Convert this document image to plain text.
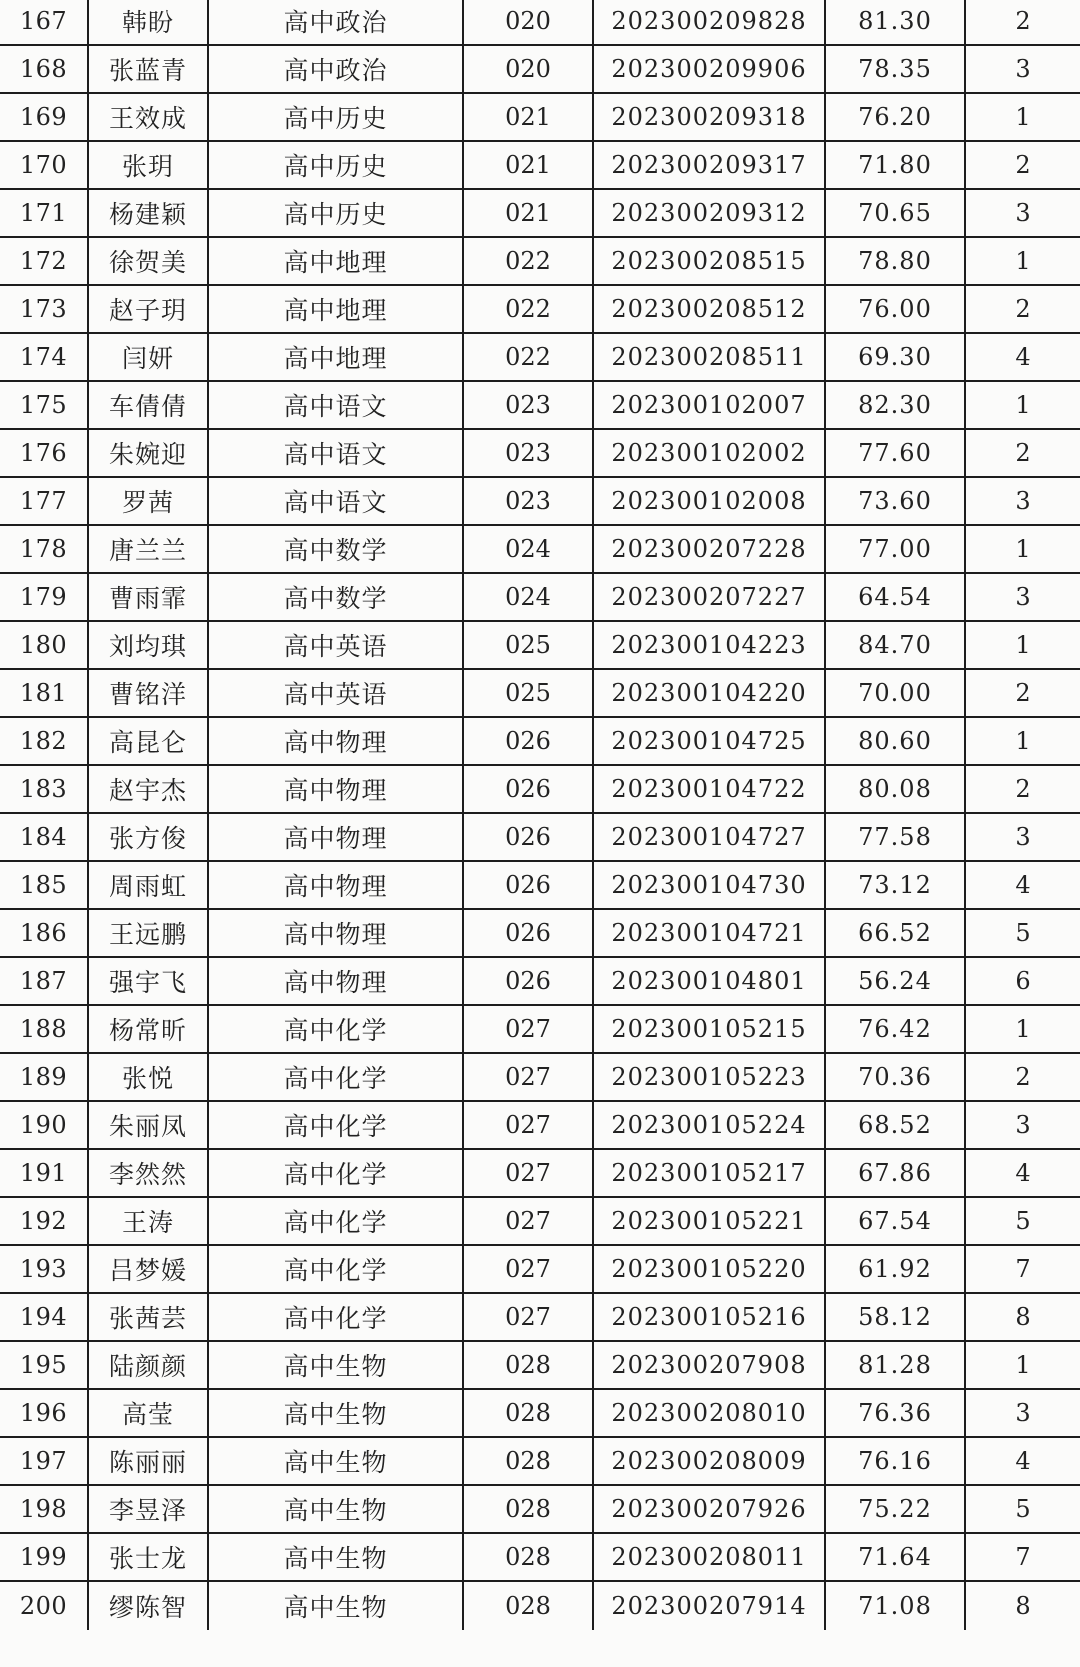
167	韩盼	高中政治	020	202300209828	81.30	2
168	张蓝青	高中政治	020	202300209906	78.35	3
169	王效成	高中历史	021	202300209318	76.20	1
170	张玥	高中历史	021	202300209317	71.80	2
171	杨建颖	高中历史	021	202300209312	70.65	3
172	徐贺美	高中地理	022	202300208515	78.80	1
173	赵子玥	高中地理	022	202300208512	76.00	2
174	闫妍	高中地理	022	202300208511	69.30	4
175	车倩倩	高中语文	023	202300102007	82.30	1
176	朱婉迎	高中语文	023	202300102002	77.60	2
177	罗茜	高中语文	023	202300102008	73.60	3
178	唐兰兰	高中数学	024	202300207228	77.00	1
179	曹雨霏	高中数学	024	202300207227	64.54	3
180	刘均琪	高中英语	025	202300104223	84.70	1
181	曹铭洋	高中英语	025	202300104220	70.00	2
182	高昆仑	高中物理	026	202300104725	80.60	1
183	赵宇杰	高中物理	026	202300104722	80.08	2
184	张方俊	高中物理	026	202300104727	77.58	3
185	周雨虹	高中物理	026	202300104730	73.12	4
186	王远鹏	高中物理	026	202300104721	66.52	5
187	强宇飞	高中物理	026	202300104801	56.24	6
188	杨常昕	高中化学	027	202300105215	76.42	1
189	张悦	高中化学	027	202300105223	70.36	2
190	朱丽凤	高中化学	027	202300105224	68.52	3
191	李然然	高中化学	027	202300105217	67.86	4
192	王涛	高中化学	027	202300105221	67.54	5
193	吕梦媛	高中化学	027	202300105220	61.92	7
194	张茜芸	高中化学	027	202300105216	58.12	8
195	陆颜颜	高中生物	028	202300207908	81.28	1
196	高莹	高中生物	028	202300208010	76.36	3
197	陈丽丽	高中生物	028	202300208009	76.16	4
198	李昱泽	高中生物	028	202300207926	75.22	5
199	张士龙	高中生物	028	202300208011	71.64	7
200	缪陈智	高中生物	028	202300207914	71.08	8
